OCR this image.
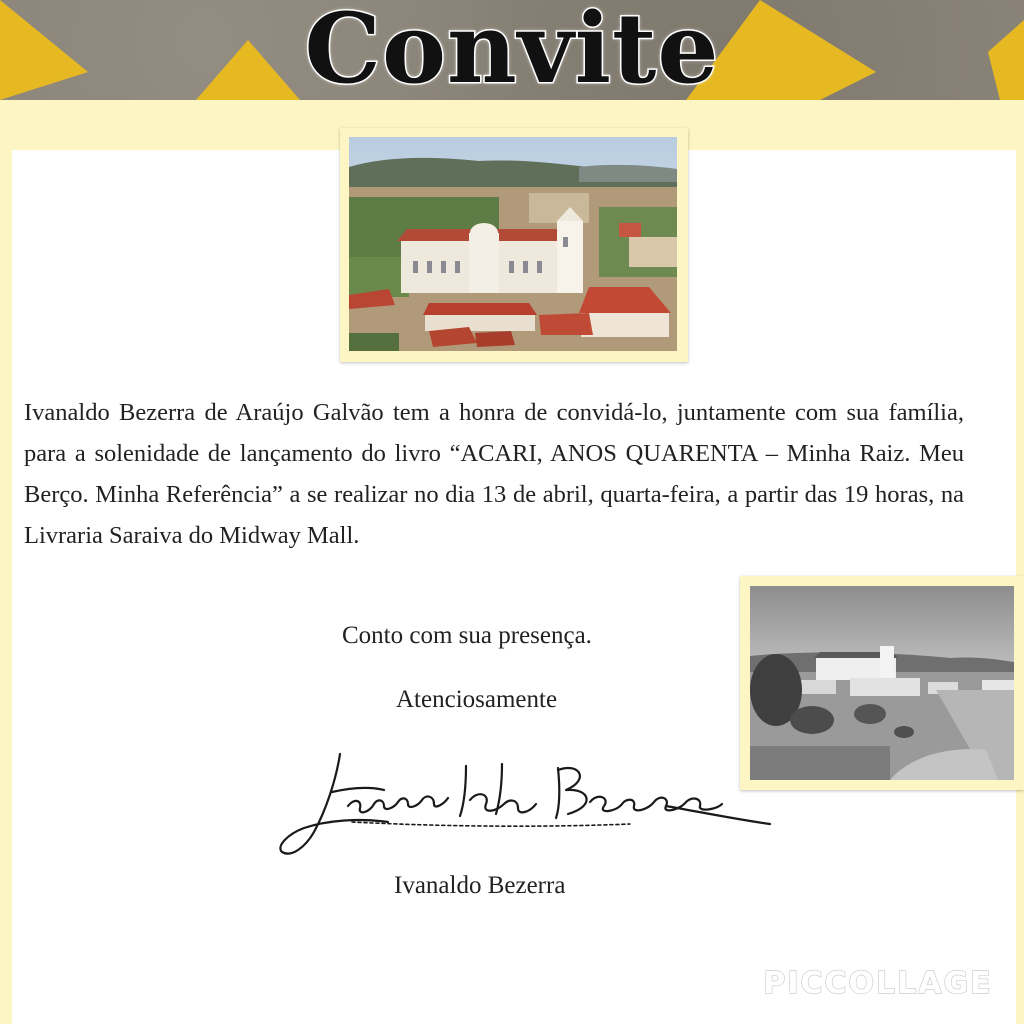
Convite
Ivanaldo Bezerra de Araújo Galvão tem a honra de convidá-lo, juntamente com sua família, para a solenidade de lançamento do livro “ACARI, ANOS QUARENTA – Minha Raiz. Meu Berço. Minha Referência” a se realizar no dia 13 de abril, quarta-feira, a partir das 19 horas, na Livraria Saraiva do Midway Mall.
Conto com sua presença.
Atenciosamente
Ivanaldo Bezerra
PICCOLLAGE
